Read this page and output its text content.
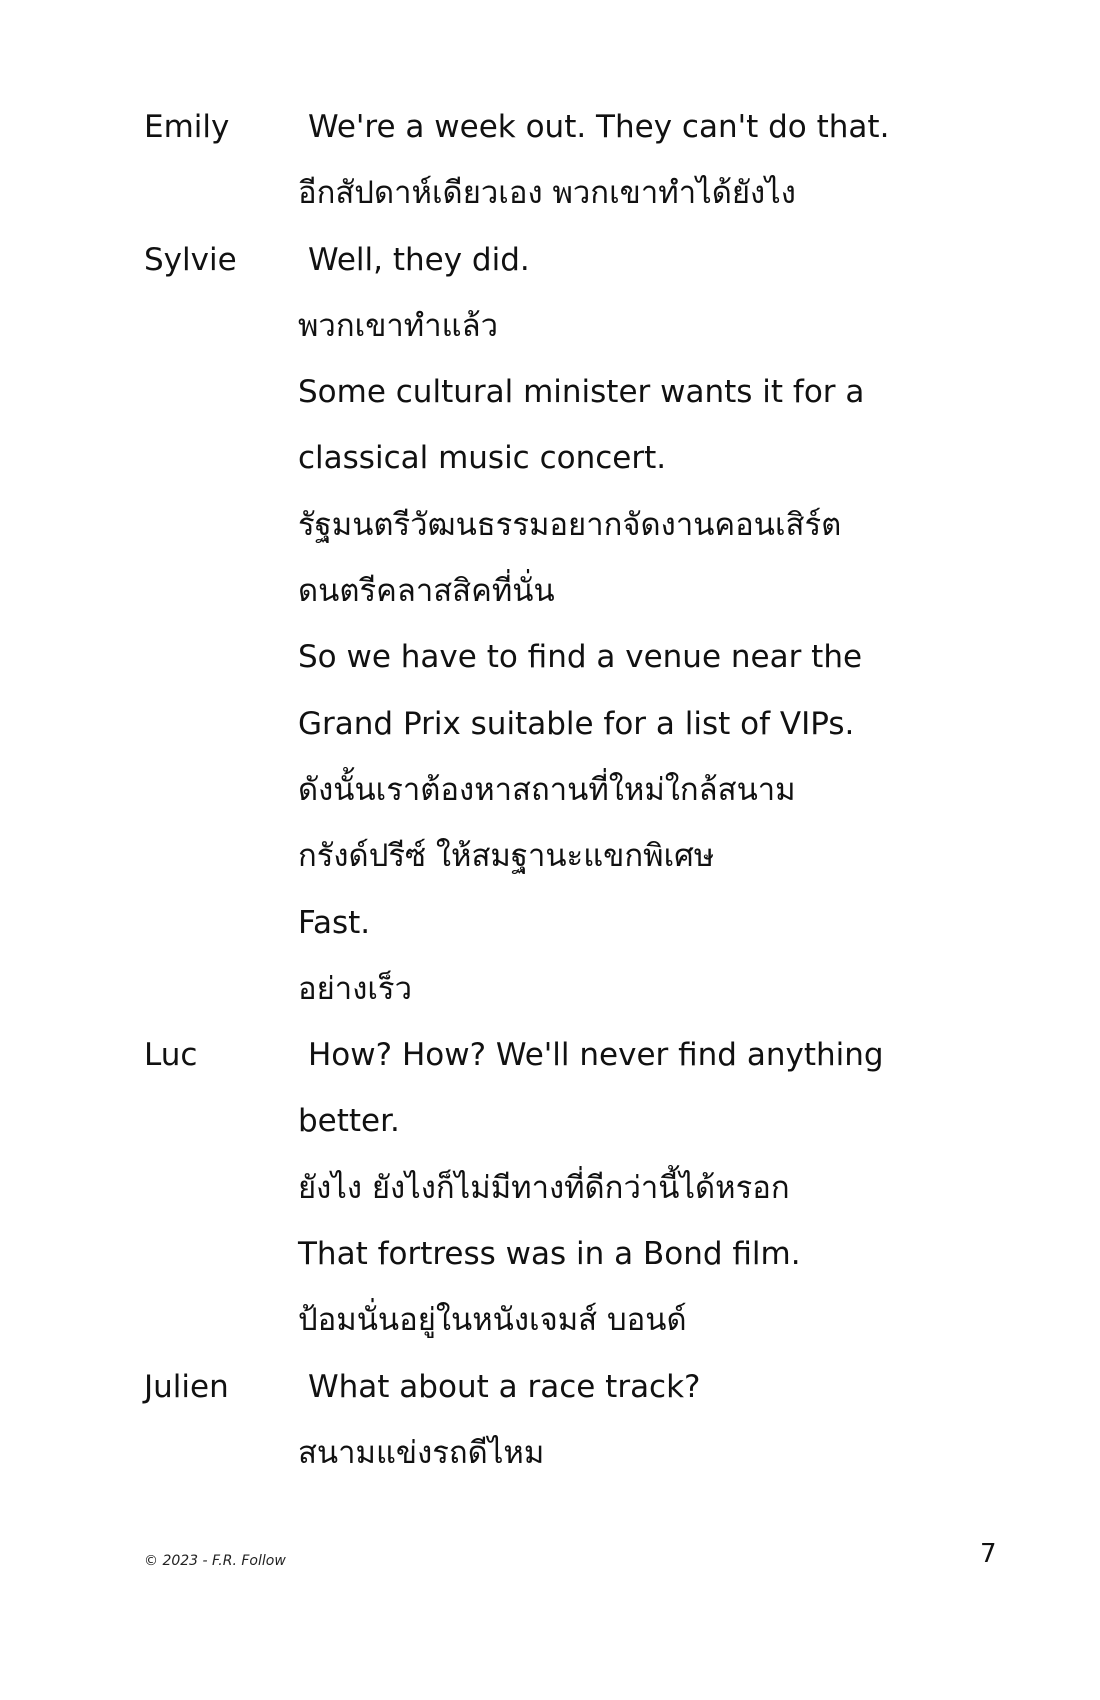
Emily	We're a week out. They can't do that.
อีกสัปดาห์เดียวเอง พวกเขาทำได้ยังไง
Sylvie	Well, they did.
พวกเขาทำแล้ว
Some cultural minister wants it for a
classical music concert.
รัฐมนตรีวัฒนธรรมอยากจัดงานคอนเสิร์ต
ดนตรีคลาสสิคที่นั่น
So we have to find a venue near the
Grand Prix suitable for a list of VIPs.
ดังนั้นเราต้องหาสถานที่ใหม่ใกล้สนาม
กรังด์ปรีซ์ ให้สมฐานะแขกพิเศษ
Fast.
อย่างเร็ว
Luc	How? How? We'll never find anything
better.
ยังไง ยังไงก็ไม่มีทางที่ดีกว่านี้ได้หรอก
That fortress was in a Bond film.
ป้อมนั่นอยู่ในหนังเจมส์ บอนด์
Julien	What about a race track?
สนามแข่งรถดีไหม
© 2023 - F.R. Follow	7
